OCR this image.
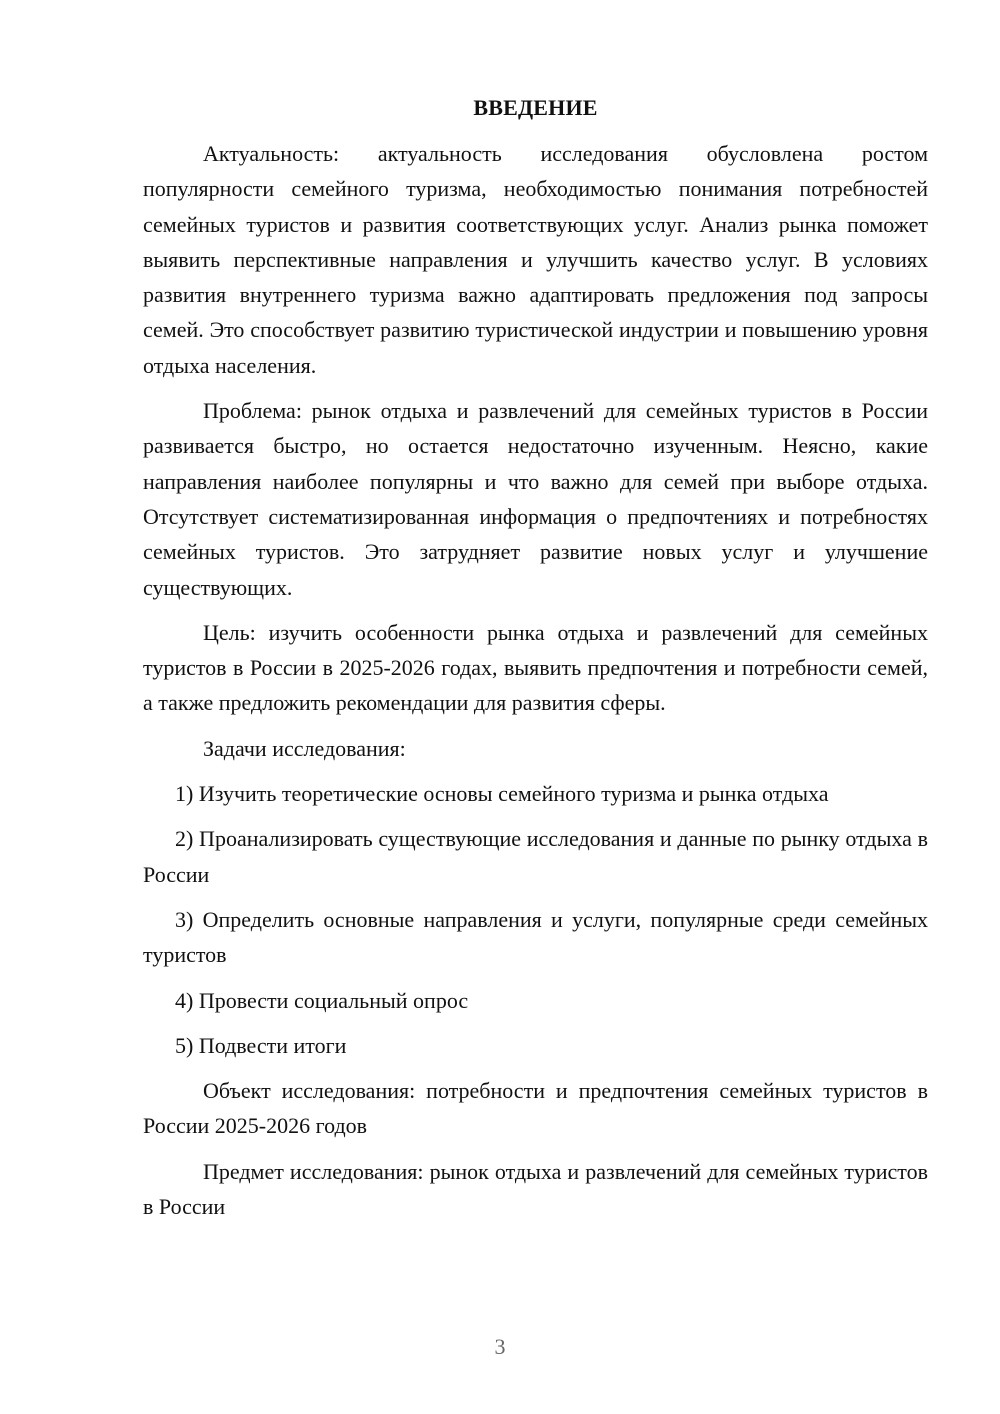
ВВЕДЕНИЕ

Актуальность: актуальность исследования обусловлена ростом популярности семейного туризма, необходимостью понимания потребностей семейных туристов и развития соответствующих услуг. Анализ рынка поможет выявить перспективные направления и улучшить качество услуг. В условиях развития внутреннего туризма важно адаптировать предложения под запросы семей. Это способствует развитию туристической индустрии и повышению уровня отдыха населения.

Проблема: рынок отдыха и развлечений для семейных туристов в России развивается быстро, но остается недостаточно изученным. Неясно, какие направления наиболее популярны и что важно для семей при выборе отдыха. Отсутствует систематизированная информация о предпочтениях и потребностях семейных туристов. Это затрудняет развитие новых услуг и улучшение существующих.

Цель: изучить особенности рынка отдыха и развлечений для семейных туристов в России в 2025-2026 годах, выявить предпочтения и потребности семей, а также предложить рекомендации для развития сферы.

Задачи исследования:

1) Изучить теоретические основы семейного туризма и рынка отдыха
2) Проанализировать существующие исследования и данные по рынку отдыха в России
3) Определить основные направления и услуги, популярные среди семейных туристов
4) Провести социальный опрос
5) Подвести итоги

Объект исследования: потребности и предпочтения семейных туристов в России 2025-2026 годов

Предмет исследования: рынок отдыха и развлечений для семейных туристов в России

3
